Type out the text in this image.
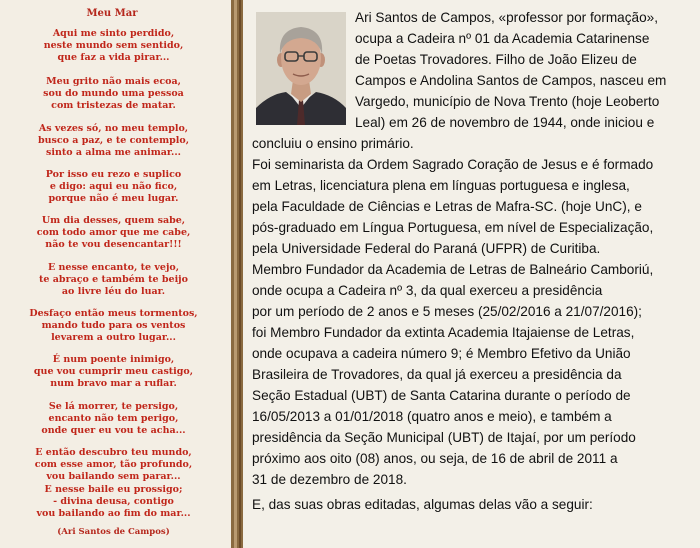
Meu Mar
Aqui me sinto perdido,
neste mundo sem sentido,
que faz a vida pirar...
Meu grito não mais ecoa,
sou do mundo uma pessoa
com tristezas de matar.
As vezes só, no meu templo,
busco a paz, e te contemplo,
sinto a alma me animar...
Por isso eu rezo e suplico
e digo: aqui eu não fico,
porque não é meu lugar.
Um dia desses, quem sabe,
com todo amor que me cabe,
não te vou desencantar!!!
E nesse encanto, te vejo,
te abraço e também te beijo
ao livre léu do luar.
Desfaço então meus tormentos,
mando tudo para os ventos
levarem a outro lugar...
É num poente inimigo,
que vou cumprir meu castigo,
num bravo mar a ruflar.
Se lá morrer, te persigo,
encanto não tem perigo,
onde quer eu vou te acha...
E então descubro teu mundo,
com esse amor, tão profundo,
vou bailando sem parar...
E nesse baile eu prossigo;
- divina deusa, contigo
vou bailando ao fim do mar...
(Ari Santos de Campos)
Ari Santos de Campos, «professor por formação»,
ocupa a Cadeira nº 01 da Academia Catarinense
de Poetas Trovadores. Filho de João Elizeu de
Campos e Andolina Santos de Campos, nasceu em
Vargedo, município de Nova Trento (hoje Leoberto
Leal) em 26 de novembro de 1944, onde iniciou e
concluiu o ensino primário.
Foi seminarista da Ordem Sagrado Coração de Jesus e é formado
em Letras, licenciatura plena em línguas portuguesa e inglesa,
pela Faculdade de Ciências e Letras de Mafra-SC. (hoje UnC), e
pós-graduado em Língua Portuguesa, em nível de Especialização,
pela Universidade Federal do Paraná (UFPR) de Curitiba.
Membro Fundador da Academia de Letras de Balneário Camboriú,
onde ocupa a Cadeira nº 3, da qual exerceu a presidência
por um período de 2 anos e 5 meses (25/02/2016 a 21/07/2016);
foi Membro Fundador da extinta Academia Itajaiense de Letras,
onde ocupava a cadeira número 9; é Membro Efetivo da União
Brasileira de Trovadores, da qual já exerceu a presidência da
Seção Estadual (UBT) de Santa Catarina durante o período de
16/05/2013 a 01/01/2018 (quatro anos e meio), e também a
presidência da Seção Municipal (UBT) de Itajaí, por um período
próximo aos oito (08) anos, ou seja, de 16 de abril de 2011 a
31 de dezembro de 2018.
E, das suas obras editadas, algumas delas vão a seguir:
